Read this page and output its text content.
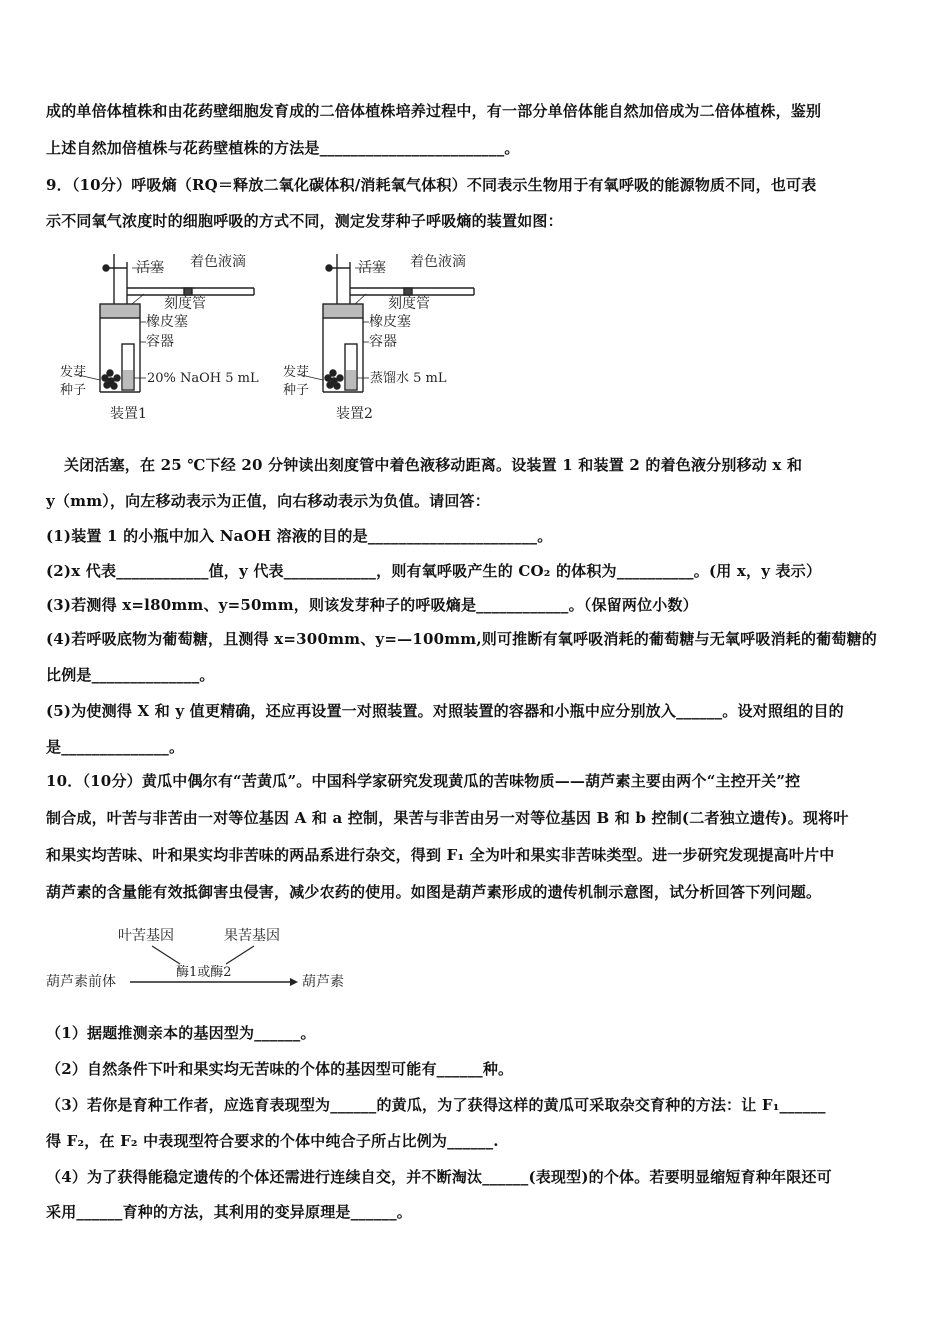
成的单倍体植株和由花药壁细胞发育成的二倍体植株培养过程中，有一部分单倍体能自然加倍成为二倍体植株，鉴别
上述自然加倍植株与花药壁植株的方法是________________________。
9．（10分）呼吸熵（RQ＝释放二氧化碳体积/消耗氧气体积）不同表示生物用于有氧呼吸的能源物质不同，也可表
示不同氧气浓度时的细胞呼吸的方式不同，测定发芽种子呼吸熵的装置如图：
活塞 着色液滴
刻度管
橡皮塞
容器
发芽
种子
20% NaOH 5 mL
装置1
活塞 着色液滴
刻度管
橡皮塞
容器
发芽
种子
蒸馏水 5 mL
装置2
关闭活塞，在 25 ℃下经 20 分钟读出刻度管中着色液移动距离。设装置 1 和装置 2 的着色液分别移动 x 和
y（mm），向左移动表示为正值，向右移动表示为负值。请回答：
(1)装置 1 的小瓶中加入 NaOH 溶液的目的是______________________。
(2)x 代表____________值，y 代表____________，则有氧呼吸产生的 CO₂ 的体积为__________。(用 x，y 表示）
(3)若测得 x=l80mm、y=50mm，则该发芽种子的呼吸熵是____________。（保留两位小数）
(4)若呼吸底物为葡萄糖，且测得 x=300mm、y=—100mm,则可推断有氧呼吸消耗的葡萄糖与无氧呼吸消耗的葡萄糖的
比例是______________。
(5)为使测得 X 和 y 值更精确，还应再设置一对照装置。对照装置的容器和小瓶中应分别放入______。设对照组的目的
是______________。
10．（10分）黄瓜中偶尔有“苦黄瓜”。中国科学家研究发现黄瓜的苦味物质——葫芦素主要由两个“主控开关”控
制合成，叶苦与非苦由一对等位基因 A 和 a 控制，果苦与非苦由另一对等位基因 B 和 b 控制(二者独立遗传)。现将叶
和果实均苦味、叶和果实均非苦味的两品系进行杂交，得到 F₁ 全为叶和果实非苦味类型。进一步研究发现提高叶片中
葫芦素的含量能有效抵御害虫侵害，减少农药的使用。如图是葫芦素形成的遗传机制示意图，试分析回答下列问题。
叶苦基因	果苦基因
酶1或酶2
葫芦素前体	葫芦素
（1）据题推测亲本的基因型为______。
（2）自然条件下叶和果实均无苦味的个体的基因型可能有______种。
（3）若你是育种工作者，应选育表现型为______的黄瓜，为了获得这样的黄瓜可采取杂交育种的方法：让 F₁______
得 F₂，在 F₂ 中表现型符合要求的个体中纯合子所占比例为______.
（4）为了获得能稳定遗传的个体还需进行连续自交，并不断淘汰______(表现型)的个体。若要明显缩短育种年限还可
采用______育种的方法，其利用的变异原理是______。
